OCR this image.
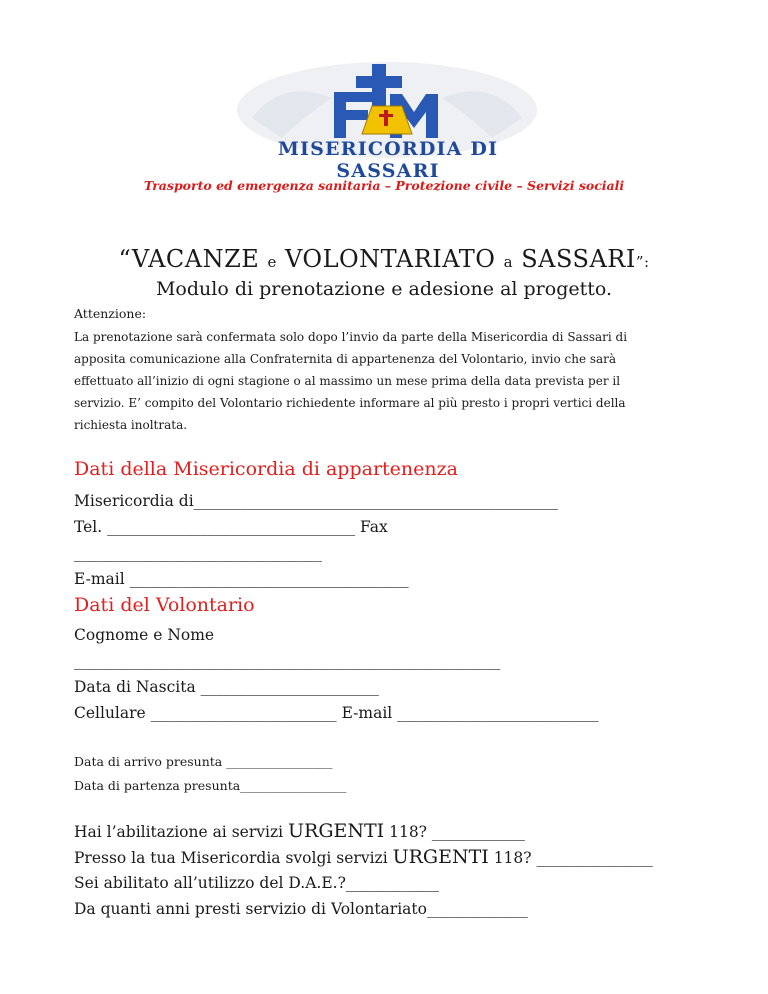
MISERICORDIA DI SASSARI
Trasporto ed emergenza sanitaria – Protezione civile – Servizi sociali
“VACANZE e VOLONTARIATO a SASSARI”:
Modulo di prenotazione e adesione al progetto.
Attenzione:
La prenotazione sarà confermata solo dopo l’invio da parte della Misericordia di Sassari di apposita comunicazione alla Confraternita di appartenenza del Volontario, invio che sarà effettuato all’inizio di ogni stagione o al massimo un mese prima della data prevista per il servizio. E’ compito del Volontario richiedente informare al più presto i propri vertici della richiesta inoltrata.
Dati della Misericordia di appartenenza
Misericordia di_______________________________________________
Tel. ________________________________ Fax
________________________________
E-mail ____________________________________
Dati del Volontario
Cognome e Nome
_______________________________________________________
Data di Nascita _______________________
Cellulare ________________________ E-mail __________________________
Data di arrivo presunta _________________
Data di partenza presunta_________________
Hai l’abilitazione ai servizi URGENTI 118? ____________
Presso la tua Misericordia svolgi servizi URGENTI 118? _______________
Sei abilitato all’utilizzo del D.A.E.?____________
Da quanti anni presti servizio di Volontariato_____________
